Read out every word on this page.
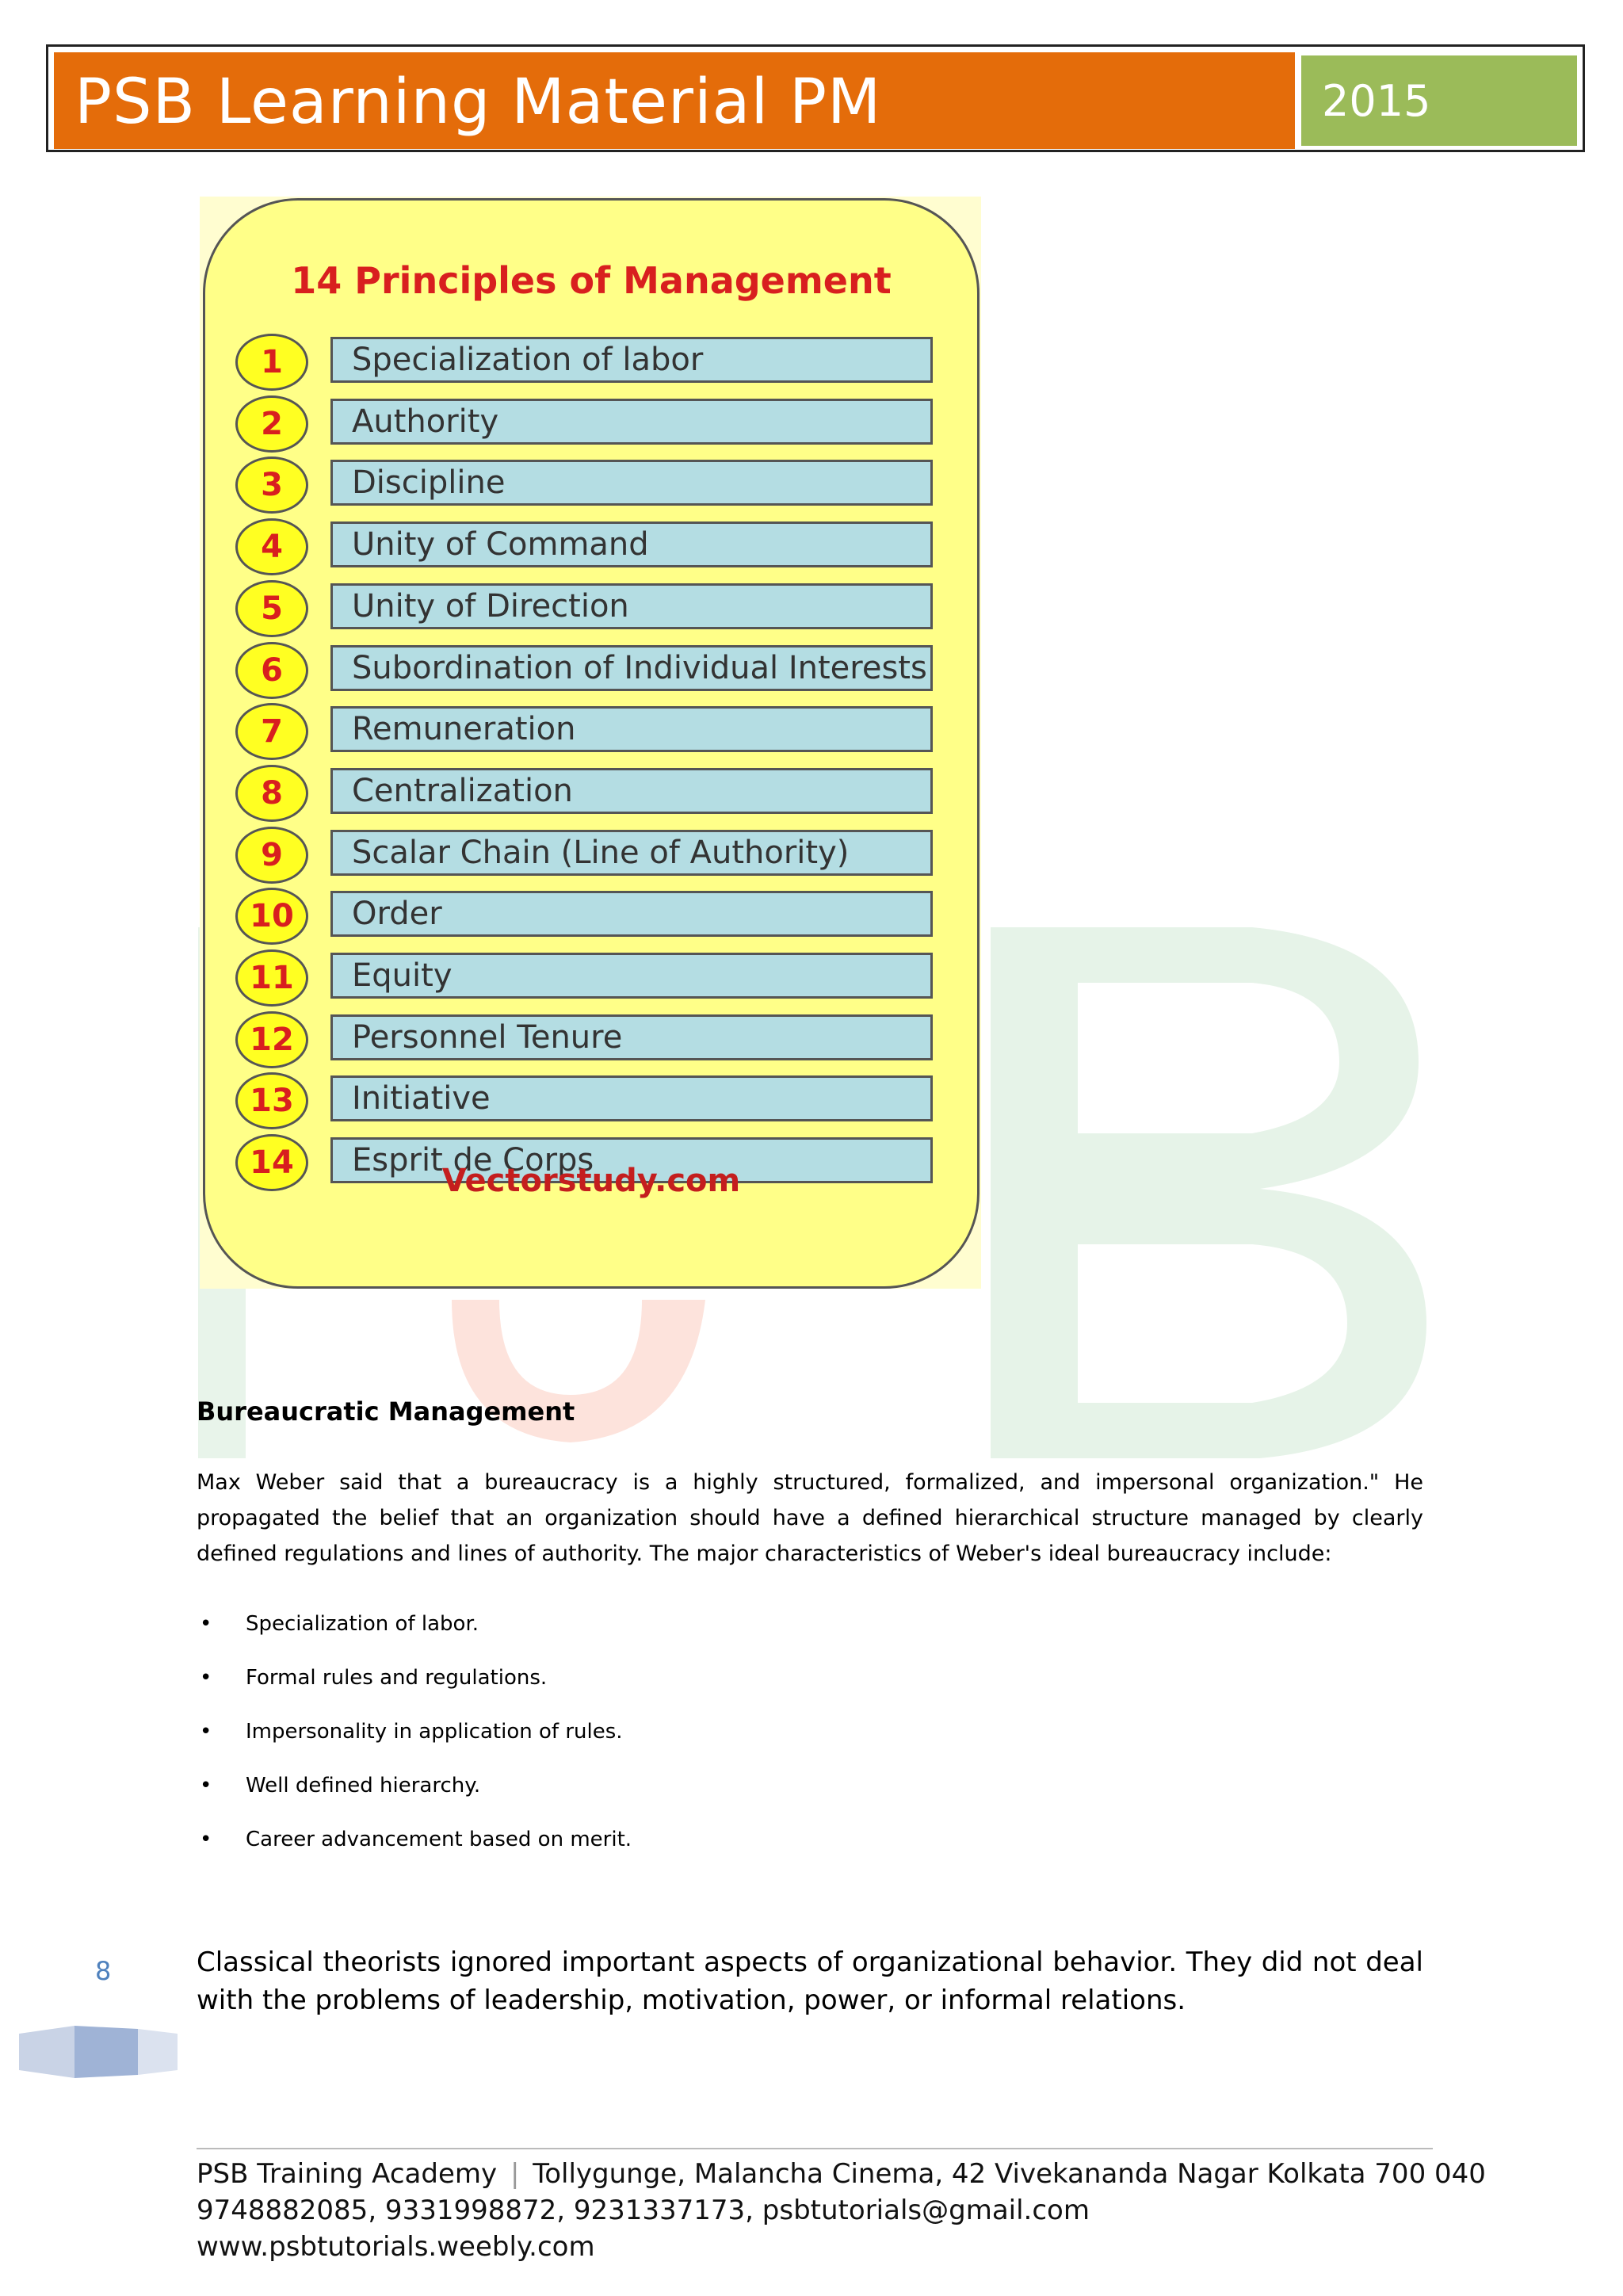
PSB Learning Material PM	2015
14 Principles of Management
1	Specialization of labor
2	Authority
3	Discipline
4	Unity of Command
5	Unity of Direction
6	Subordination of Individual Interests
7	Remuneration
8	Centralization
9	Scalar Chain (Line of Authority)
10	Order
11	Equity
12	Personnel Tenure
13	Initiative
14	Esprit de Corps
Vectorstudy.com
Bureaucratic Management
Max Weber said that a bureaucracy is a highly structured, formalized, and impersonal organization." He propagated the belief that an organization should have a defined hierarchical structure managed by clearly defined regulations and lines of authority. The major characteristics of Weber's ideal bureaucracy include:
• Specialization of labor.
• Formal rules and regulations.
• Impersonality in application of rules.
• Well defined hierarchy.
• Career advancement based on merit.
Classical theorists ignored important aspects of organizational behavior. They did not deal with the problems of leadership, motivation, power, or informal relations.
8
PSB Training Academy | Tollygunge, Malancha Cinema, 42 Vivekananda Nagar Kolkata 700 040
9748882085, 9331998872, 9231337173, psbtutorials@gmail.com
www.psbtutorials.weebly.com
